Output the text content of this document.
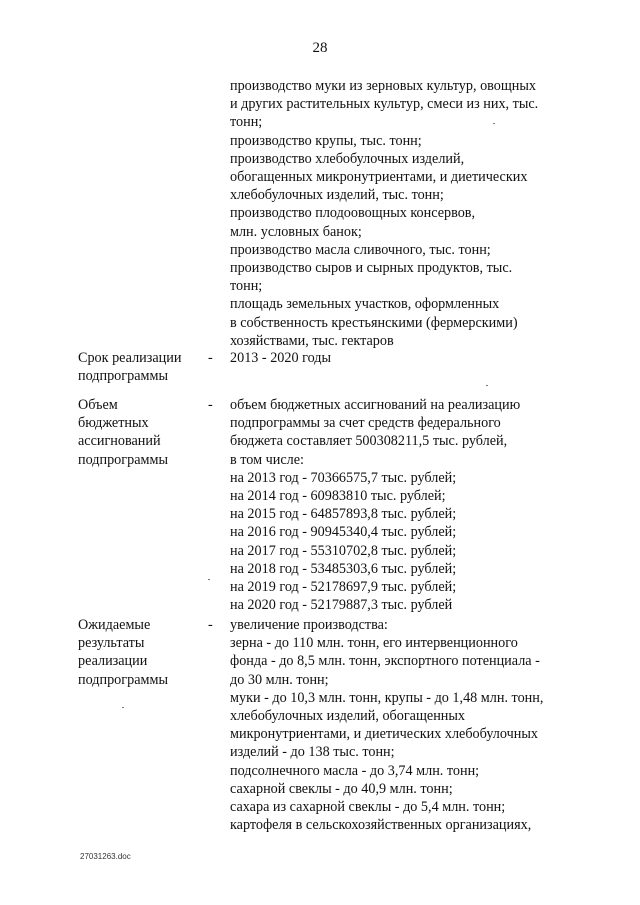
28
производство муки из зерновых культур, овощных
и других растительных культур, смеси из них, тыс.
тонн;
производство крупы, тыс. тонн;
производство хлебобулочных изделий,
обогащенных микронутриентами, и диетических
хлебобулочных изделий, тыс. тонн;
производство плодоовощных консервов,
млн. условных банок;
производство масла сливочного, тыс. тонн;
производство сыров и сырных продуктов, тыс.
тонн;
площадь земельных участков, оформленных
в собственность крестьянскими (фермерскими)
хозяйствами, тыс. гектаров
Срок реализации
подпрограммы
- 2013 - 2020 годы
Объем
бюджетных
ассигнований
подпрограммы
- объем бюджетных ассигнований на реализацию
подпрограммы за счет средств федерального
бюджета составляет 500308211,5 тыс. рублей,
в том числе:
на 2013 год - 70366575,7 тыс. рублей;
на 2014 год - 60983810 тыс. рублей;
на 2015 год - 64857893,8 тыс. рублей;
на 2016 год - 90945340,4 тыс. рублей;
на 2017 год - 55310702,8 тыс. рублей;
на 2018 год - 53485303,6 тыс. рублей;
на 2019 год - 52178697,9 тыс. рублей;
на 2020 год - 52179887,3 тыс. рублей
Ожидаемые
результаты
реализации
подпрограммы
- увеличение производства:
зерна - до 110 млн. тонн, его интервенционного
фонда - до 8,5 млн. тонн, экспортного потенциала -
до 30 млн. тонн;
муки - до 10,3 млн. тонн, крупы - до 1,48 млн. тонн,
хлебобулочных изделий, обогащенных
микронутриентами, и диетических хлебобулочных
изделий - до 138 тыс. тонн;
подсолнечного масла - до 3,74 млн. тонн;
сахарной свеклы - до 40,9 млн. тонн;
сахара из сахарной свеклы - до 5,4 млн. тонн;
картофеля в сельскохозяйственных организациях,
27031263.doc
